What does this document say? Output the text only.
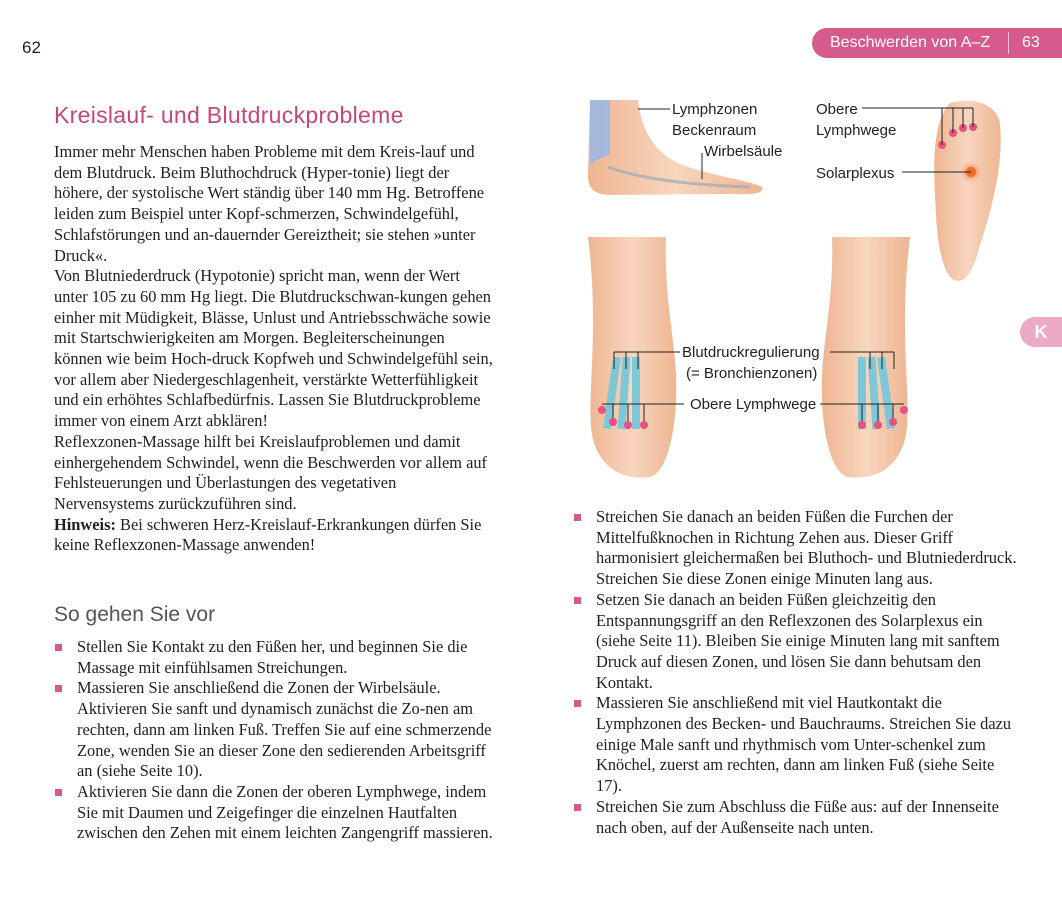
62	Beschwerden von A–Z 63
K
Kreislauf- und Blutdruckprobleme

Immer mehr Menschen haben Probleme mit dem Kreis-lauf und dem Blutdruck. Beim Bluthochdruck (Hyper-tonie) liegt der höhere, der systolische Wert ständig über 140 mm Hg. Betroffene leiden zum Beispiel unter Kopf-schmerzen, Schwindelgefühl, Schlafstörungen und an-dauernder Gereiztheit; sie stehen »unter Druck«.

Von Blutniederdruck (Hypotonie) spricht man, wenn der Wert unter 105 zu 60 mm Hg liegt. Die Blutdruckschwan-kungen gehen einher mit Müdigkeit, Blässe, Unlust und Antriebsschwäche sowie mit Startschwierigkeiten am Morgen. Begleiterscheinungen können wie beim Hoch-druck Kopfweh und Schwindelgefühl sein, vor allem aber Niedergeschlagenheit, verstärkte Wetterfühligkeit und ein erhöhtes Schlafbedürfnis. Lassen Sie Blutdruckprobleme immer von einem Arzt abklären!

Reflexzonen-Massage hilft bei Kreislaufproblemen und damit einhergehendem Schwindel, wenn die Beschwerden vor allem auf Fehlsteuerungen und Überlastungen des vegetativen Nervensystems zurückzuführen sind.

Hinweis: Bei schweren Herz-Kreislauf-Erkrankungen dürfen Sie keine Reflexzonen-Massage anwenden!

So gehen Sie vor
Stellen Sie Kontakt zu den Füßen her, und beginnen Sie die Massage mit einfühlsamen Streichungen.
Massieren Sie anschließend die Zonen der Wirbelsäule. Aktivieren Sie sanft und dynamisch zunächst die Zo-nen am rechten, dann am linken Fuß. Treffen Sie auf eine schmerzende Zone, wenden Sie an dieser Zone den sedierenden Arbeitsgriff an (siehe Seite 10).
Aktivieren Sie dann die Zonen der oberen Lymphwege, indem Sie mit Daumen und Zeigefinger die einzelnen Hautfalten zwischen den Zehen mit einem leichten Zangengriff massieren.
Streichen Sie danach an beiden Füßen die Furchen der Mittelfußknochen in Richtung Zehen aus. Dieser Griff harmonisiert gleichermaßen bei Bluthoch- und Blutniederdruck. Streichen Sie diese Zonen einige Minuten lang aus.
Setzen Sie danach an beiden Füßen gleichzeitig den Entspannungsgriff an den Reflexzonen des Solarplexus ein (siehe Seite 11). Bleiben Sie einige Minuten lang mit sanftem Druck auf diesen Zonen, und lösen Sie dann behutsam den Kontakt.
Massieren Sie anschließend mit viel Hautkontakt die Lymphzonen des Becken- und Bauchraums. Streichen Sie dazu einige Male sanft und rhythmisch vom Unter-schenkel zum Knöchel, zuerst am rechten, dann am linken Fuß (siehe Seite 17).
Streichen Sie zum Abschluss die Füße aus: auf der Innenseite nach oben, auf der Außenseite nach unten.
Lymphzonen
Beckenraum
Wirbelsäule
Obere
Lymphwege
Solarplexus
Blutdruckregulierung
(= Bronchienzonen)
Obere Lymphwege
